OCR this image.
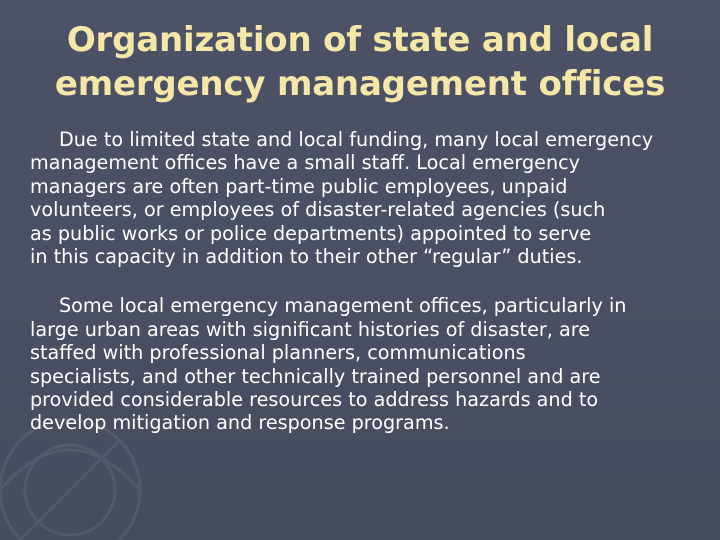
Organization of state and local
emergency management offices

Due to limited state and local funding, many local emergency
management offices have a small staff. Local emergency
managers are often part-time public employees, unpaid
volunteers, or employees of disaster-related agencies (such
as public works or police departments) appointed to serve
in this capacity in addition to their other “regular” duties.

Some local emergency management offices, particularly in
large urban areas with significant histories of disaster, are
staffed with professional planners, communications
specialists, and other technically trained personnel and are
provided considerable resources to address hazards and to
develop mitigation and response programs.
